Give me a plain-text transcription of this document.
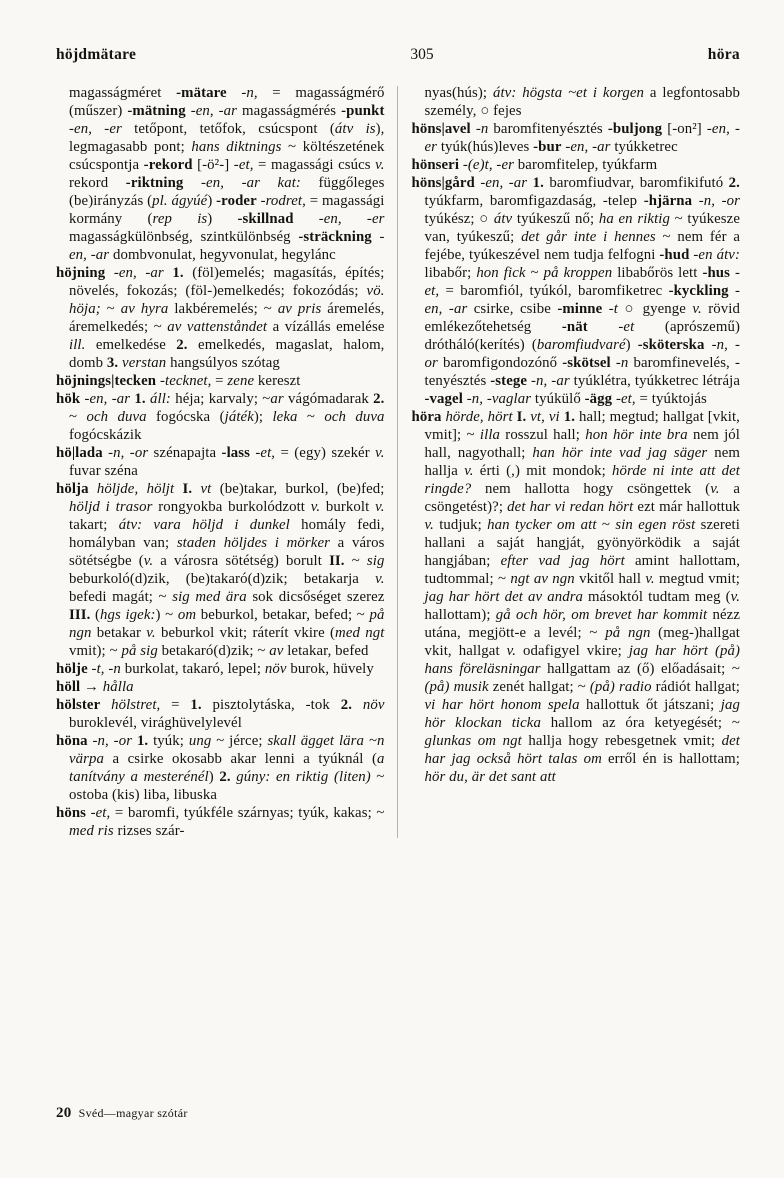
höjdmätare	305	höra

magasságméret -mätare -n, = magasságmérő (műszer) -mätning -en, -ar magasságmérés -punkt -en, -er tetőpont, tetőfok, csúcspont (átv is), legmagasabb pont; hans diktnings ~ költészetének csúcspontja -rekord [-ö²-] -et, = magassági csúcs v. rekord -riktning -en, -ar kat: függőleges (be)irányzás (pl. ágyúé) -roder -rodret, = magassági kormány (rep is) -skillnad -en, -er magasságkülönbség, szintkülönbség -sträckning -en, -ar dombvonulat, hegyvonulat, hegylánc

höjning -en, -ar 1. (föl)emelés; magasítás, építés; növelés, fokozás; (föl-)emelkedés; fokozódás; vö. höja; ~ av hyra lakbéremelés; ~ av pris áremelés, áremelkedés; ~ av vattenståndet a vízállás emelése ill. emelkedése 2. emelkedés, magaslat, halom, domb 3. verstan hangsúlyos szótag

höjnings|tecken -tecknet, = zene kereszt

hök -en, -ar 1. áll: héja; karvaly; ~ar vágómadarak 2. ~ och duva fogócska (játék); leka ~ och duva fogócskázik

hö|lada -n, -or szénapajta -lass -et, = (egy) szekér v. fuvar széna

hölja höljde, höljt I. vt (be)takar, burkol, (be)fed; höljd i trasor rongyokba burkolódzott v. burkolt v. takart; átv: vara höljd i dunkel homály fedi, homályban van; staden höljdes i mörker a város sötétségbe (v. a városra sötétség) borult II. ~ sig beburkoló(d)zik, (be)takaró(d)zik; betakarja v. befedi magát; ~ sig med ära sok dicsőséget szerez III. (hgs igek:) ~ om beburkol, betakar, befed; ~ på ngn betakar v. beburkol vkit; ráterít vkire (med ngt vmit); ~ på sig betakaró(d)zik; ~ av letakar, befed

hölje -t, -n burkolat, takaró, lepel; növ burok, hüvely

höll → hålla

hölster hölstret, = 1. pisztolytáska, -tok 2. növ buroklevél, virághüvelylevél

höna -n, -or 1. tyúk; ung ~ jérce; skall ägget lära ~n värpa a csirke okosabb akar lenni a tyúknál (a tanítvány a mesterénél) 2. gúny: en riktig (liten) ~ ostoba (kis) liba, libuska

höns -et, = baromfi, tyúkféle szárnyas; tyúk, kakas; ~ med ris rizses szár-

nyas(hús); átv: högsta ~et i korgen a legfontosabb személy, ○ fejes

höns|avel -n baromfitenyésztés -buljong [-on²] -en, -er tyúk(hús)leves -bur -en, -ar tyúkketrec

hönseri -(e)t, -er baromfitelep, tyúkfarm

höns|gård -en, -ar 1. baromfiudvar, baromfikifutó 2. tyúkfarm, baromfigazdaság, -telep -hjärna -n, -or tyúkész; ○ átv tyúkeszű nő; ha en riktig ~ tyúkesze van, tyúkeszű; det går inte i hennes ~ nem fér a fejébe, tyúkeszével nem tudja felfogni -hud -en átv: libabőr; hon fick ~ på kroppen libabőrös lett -hus -et, = baromfiól, tyúkól, baromfiketrec -kyckling -en, -ar csirke, csibe -minne -t ○ gyenge v. rövid emlékezőtehetség -nät -et (aprószemű) drótháló(kerítés) (baromfiudvaré) -sköterska -n, -or baromfigondozónő -skötsel -n baromfinevelés, -tenyésztés -stege -n, -ar tyúklétra, tyúkketrec létrája -vagel -n, -vaglar tyúkülő -ägg -et, = tyúktojás

höra hörde, hört I. vt, vi 1. hall; megtud; hallgat [vkit, vmit]; ~ illa rosszul hall; hon hör inte bra nem jól hall, nagyothall; han hör inte vad jag säger nem hallja v. érti (,) mit mondok; hörde ni inte att det ringde? nem hallotta hogy csöngettek (v. a csöngetést)?; det har vi redan hört ezt már hallottuk v. tudjuk; han tycker om att ~ sin egen röst szereti hallani a saját hangját, gyönyörködik a saját hangjában; efter vad jag hört amint hallottam, tudtommal; ~ ngt av ngn vkitől hall v. megtud vmit; jag har hört det av andra másoktól tudtam meg (v. hallottam); gå och hör, om brevet har kommit nézz utána, megjött-e a levél; ~ på ngn (meg-)hallgat vkit, hallgat v. odafigyel vkire; jag har hört (på) hans föreläsningar hallgattam az (ő) előadásait; ~ (på) musik zenét hallgat; ~ (på) radio rádiót hallgat; vi har hört honom spela hallottuk őt játszani; jag hör klockan ticka hallom az óra ketyegését; ~ glunkas om ngt hallja hogy rebesgetnek vmit; det har jag också hört talas om erről én is hallottam; hör du, är det sant att

20 Svéd—magyar szótár
